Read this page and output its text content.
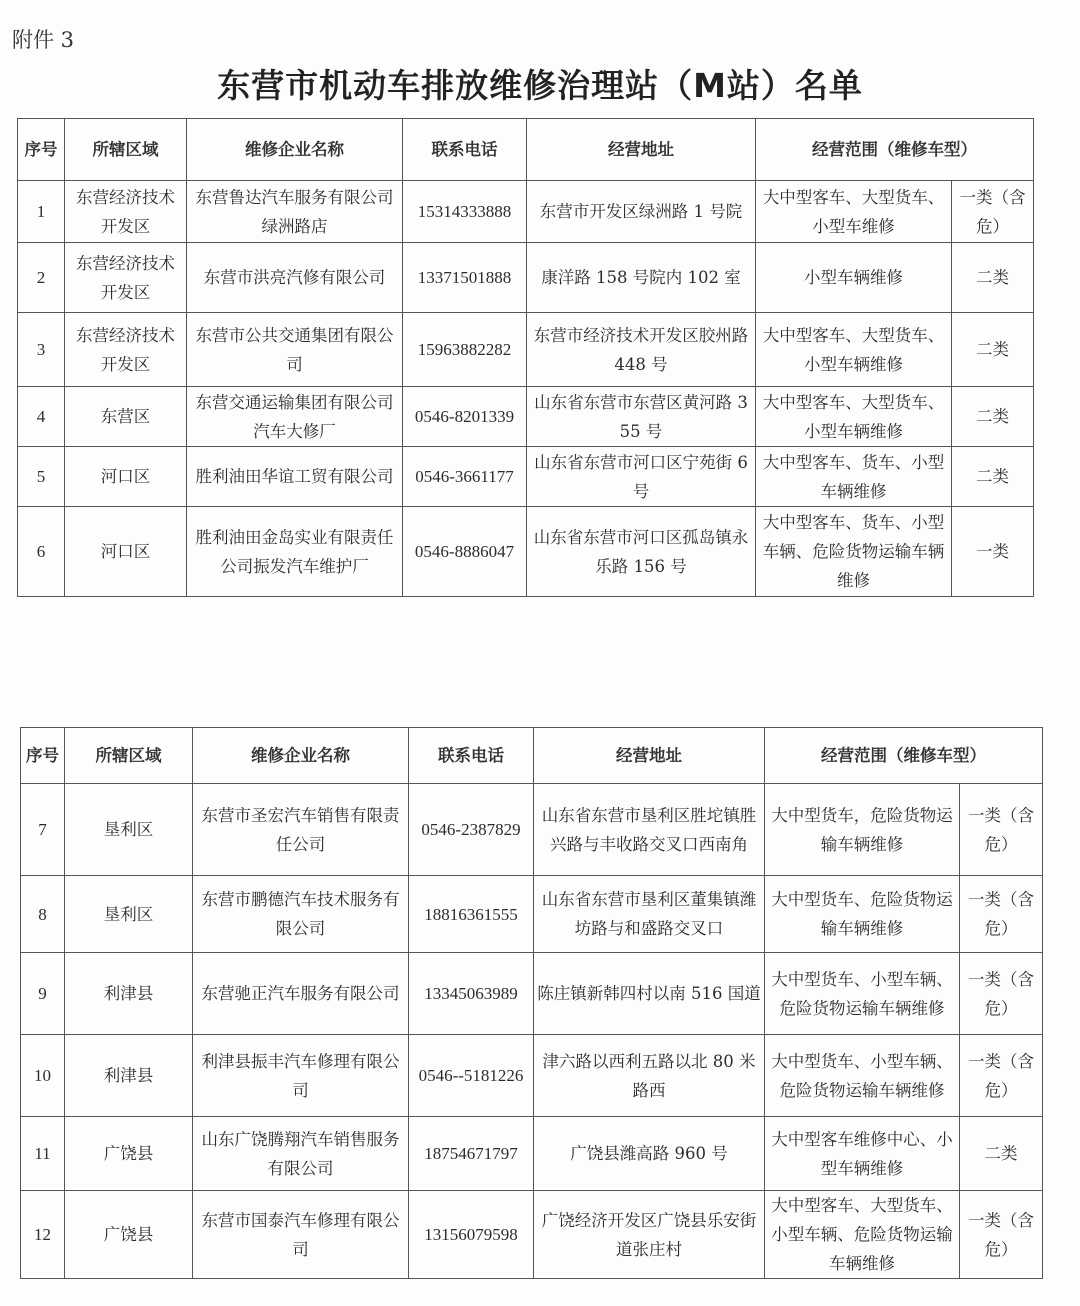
附件 3
东营市机动车排放维修治理站（M站）名单
序号	所辖区域	维修企业名称	联系电话	经营地址	经营范围（维修车型）	
1	东营经济技术开发区	东营鲁达汽车服务有限公司绿洲路店	15314333888	东营市开发区绿洲路 1 号院	大中型客车、大型货车、小型车维修	一类（含危）
2	东营经济技术开发区	东营市洪亮汽修有限公司	13371501888	康洋路 158 号院内 102 室	小型车辆维修	二类
3	东营经济技术开发区	东营市公共交通集团有限公司	15963882282	东营市经济技术开发区胶州路 448 号	大中型客车、大型货车、小型车辆维修	二类
4	东营区	东营交通运输集团有限公司汽车大修厂	0546-8201339	山东省东营市东营区黄河路 355 号	大中型客车、大型货车、小型车辆维修	二类
5	河口区	胜利油田华谊工贸有限公司	0546-3661177	山东省东营市河口区宁苑街 6 号	大中型客车、货车、小型车辆维修	二类
6	河口区	胜利油田金岛实业有限责任公司振发汽车维护厂	0546-8886047	山东省东营市河口区孤岛镇永乐路 156 号	大中型客车、货车、小型车辆、危险货物运输车辆维修	一类
序号	所辖区域	维修企业名称	联系电话	经营地址	经营范围（维修车型）	
7	垦利区	东营市圣宏汽车销售有限责任公司	0546-2387829	山东省东营市垦利区胜坨镇胜兴路与丰收路交叉口西南角	大中型货车，危险货物运输车辆维修	一类（含危）
8	垦利区	东营市鹏德汽车技术服务有限公司	18816361555	山东省东营市垦利区董集镇潍坊路与和盛路交叉口	大中型货车、危险货物运输车辆维修	一类（含危）
9	利津县	东营驰正汽车服务有限公司	13345063989	陈庄镇新韩四村以南 516 国道	大中型货车、小型车辆、危险货物运输车辆维修	一类（含危）
10	利津县	利津县振丰汽车修理有限公司	0546--5181226	津六路以西利五路以北 80 米路西	大中型货车、小型车辆、危险货物运输车辆维修	一类（含危）
11	广饶县	山东广饶腾翔汽车销售服务有限公司	18754671797	广饶县潍高路 960 号	大中型客车维修中心、小型车辆维修	二类
12	广饶县	东营市国泰汽车修理有限公司	13156079598	广饶经济开发区广饶县乐安街道张庄村	大中型客车、大型货车、小型车辆、危险货物运输车辆维修	一类（含危）
